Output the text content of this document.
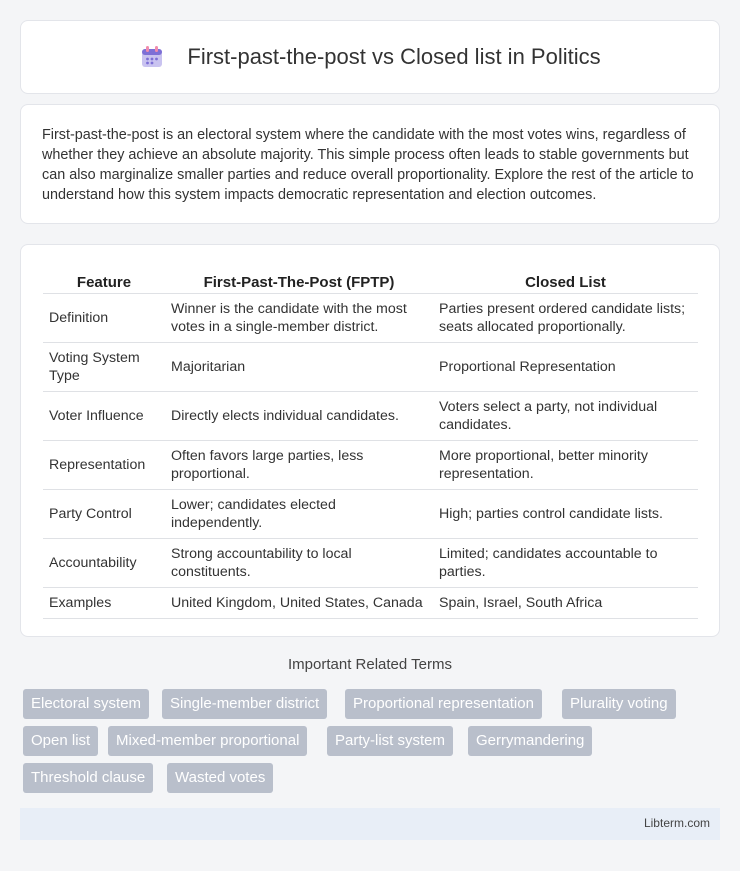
First-past-the-post vs Closed list in Politics

First-past-the-post is an electoral system where the candidate with the most votes wins, regardless of whether they achieve an absolute majority. This simple process often leads to stable governments but can also marginalize smaller parties and reduce overall proportionality. Explore the rest of the article to understand how this system impacts democratic representation and election outcomes.

Feature	First-Past-The-Post (FPTP)	Closed List
Definition	Winner is the candidate with the most votes in a single-member district.	Parties present ordered candidate lists; seats allocated proportionally.
Voting System Type	Majoritarian	Proportional Representation
Voter Influence	Directly elects individual candidates.	Voters select a party, not individual candidates.
Representation	Often favors large parties, less proportional.	More proportional, better minority representation.
Party Control	Lower; candidates elected independently.	High; parties control candidate lists.
Accountability	Strong accountability to local constituents.	Limited; candidates accountable to parties.
Examples	United Kingdom, United States, Canada	Spain, Israel, South Africa
Important Related Terms
Electoral system	Single-member district	Proportional representation	Plurality voting
Open list	Mixed-member proportional	Party-list system	Gerrymandering
Threshold clause	Wasted votes
Libterm.com
